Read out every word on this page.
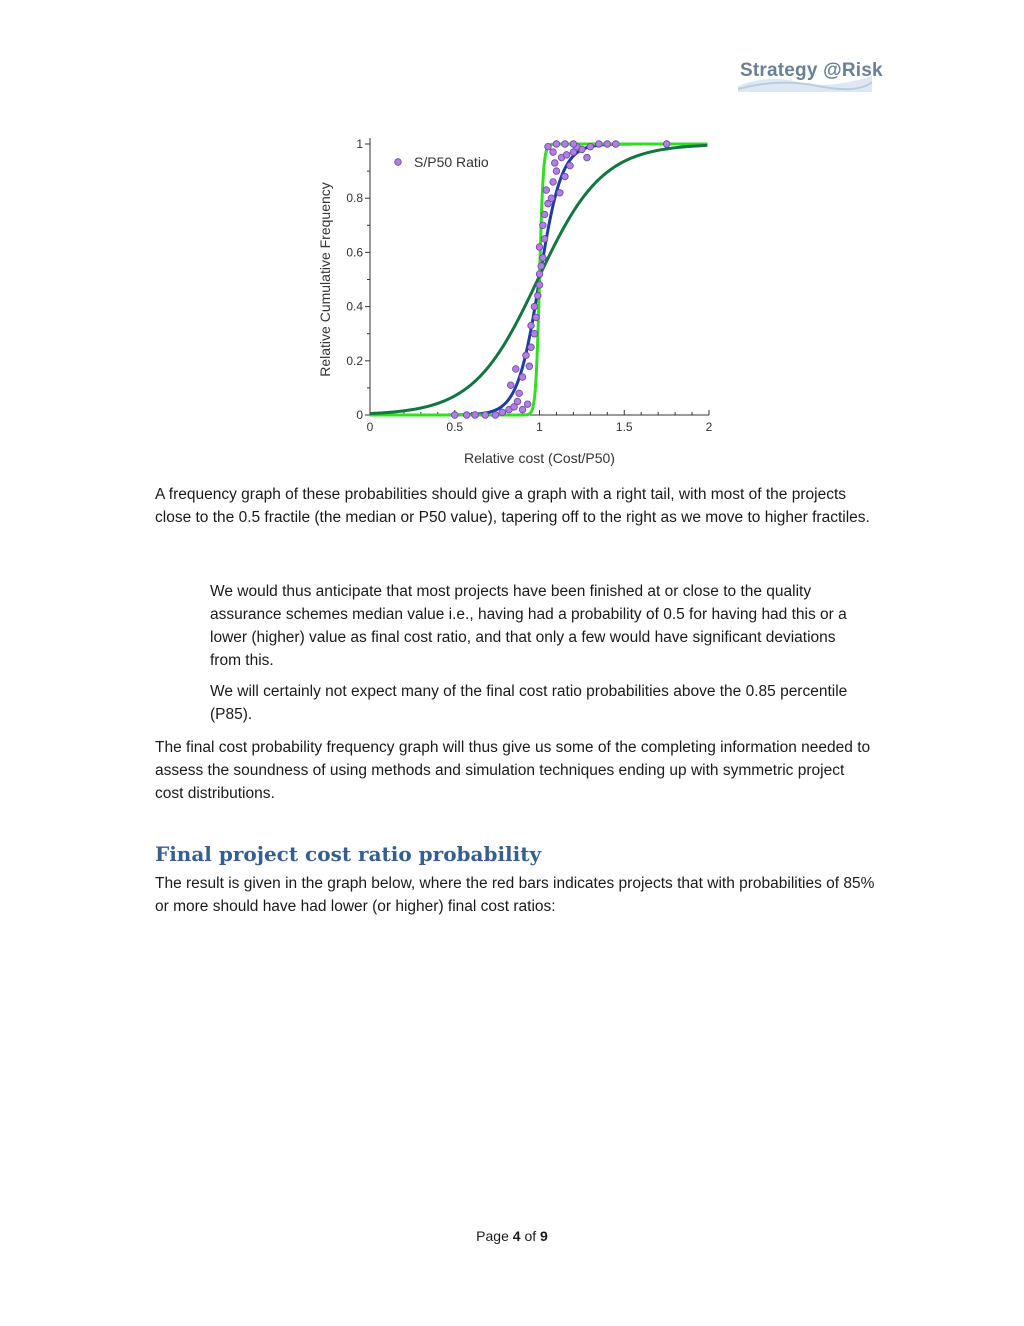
Strategy @Risk
0	0.5	1	1.5	2
0
0.2
0.4
0.6
0.8
1
Relative cost (Cost/P50)
Relative Cumulative Frequency
S/P50 Ratio

A frequency graph of these probabilities should give a graph with a right tail, with most of the projects close to the 0.5 fractile (the median or P50 value), tapering off to the right as we move to higher fractiles.

We would thus anticipate that most projects have been finished at or close to the quality assurance schemes median value i.e., having had a probability of 0.5 for having had this or a lower (higher) value as final cost ratio, and that only a few would have significant deviations from this.

We will certainly not expect many of the final cost ratio probabilities above the 0.85 percentile (P85).

The final cost probability frequency graph will thus give us some of the completing information needed to assess the soundness of using methods and simulation techniques ending up with symmetric project cost distributions.

Final project cost ratio probability

The result is given in the graph below, where the red bars indicates projects that with probabilities of 85% or more should have had lower (or higher) final cost ratios:

Page 4 of 9
